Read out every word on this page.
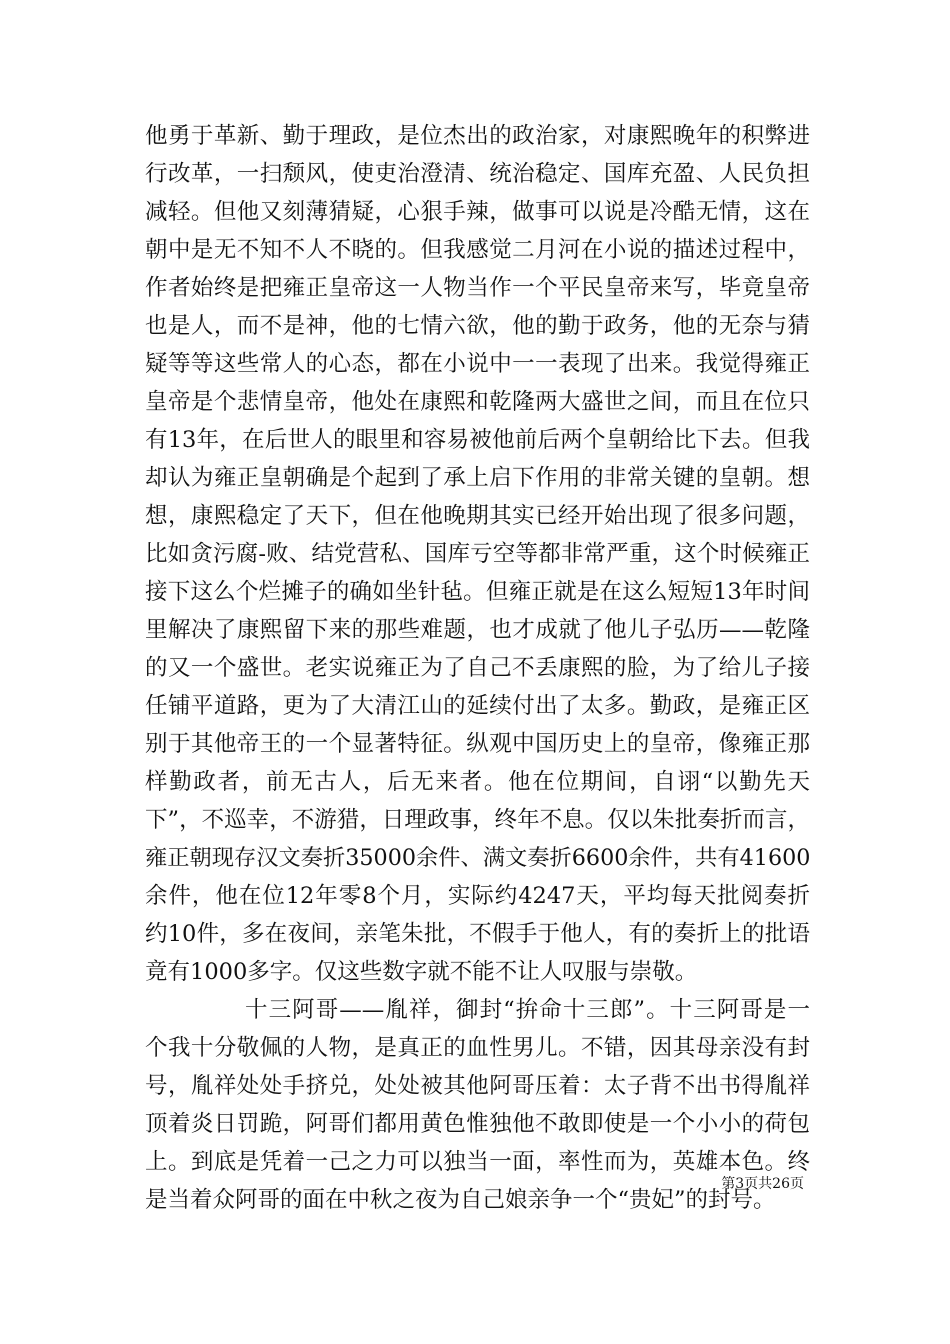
他勇于革新、勤于理政，是位杰出的政治家，对康熙晚年的积弊进
行改革，一扫颓风，使吏治澄清、统治稳定、国库充盈、人民负担
减轻。但他又刻薄猜疑，心狠手辣，做事可以说是冷酷无情，这在
朝中是无不知不人不晓的。但我感觉二月河在小说的描述过程中，
作者始终是把雍正皇帝这一人物当作一个平民皇帝来写，毕竟皇帝
也是人，而不是神，他的七情六欲，他的勤于政务，他的无奈与猜
疑等等这些常人的心态，都在小说中一一表现了出来。我觉得雍正
皇帝是个悲情皇帝，他处在康熙和乾隆两大盛世之间，而且在位只
有13年，在后世人的眼里和容易被他前后两个皇朝给比下去。但我
却认为雍正皇朝确是个起到了承上启下作用的非常关键的皇朝。想
想，康熙稳定了天下，但在他晚期其实已经开始出现了很多问题，
比如贪污腐-败、结党营私、国库亏空等都非常严重，这个时候雍正
接下这么个烂摊子的确如坐针毡。但雍正就是在这么短短13年时间
里解决了康熙留下来的那些难题，也才成就了他儿子弘历——乾隆
的又一个盛世。老实说雍正为了自己不丢康熙的脸，为了给儿子接
任铺平道路，更为了大清江山的延续付出了太多。勤政，是雍正区
别于其他帝王的一个显著特征。纵观中国历史上的皇帝，像雍正那
样勤政者，前无古人，后无来者。他在位期间，自诩“以勤先天
下”，不巡幸，不游猎，日理政事，终年不息。仅以朱批奏折而言，
雍正朝现存汉文奏折35000余件、满文奏折6600余件，共有41600
余件，他在位12年零8个月，实际约4247天，平均每天批阅奏折
约10件，多在夜间，亲笔朱批，不假手于他人，有的奏折上的批语
竟有1000多字。仅这些数字就不能不让人叹服与崇敬。
十三阿哥——胤祥，御封“拚命十三郎”。十三阿哥是一
个我十分敬佩的人物，是真正的血性男儿。不错，因其母亲没有封
号，胤祥处处手挤兑，处处被其他阿哥压着：太子背不出书得胤祥
顶着炎日罚跪，阿哥们都用黄色惟独他不敢即使是一个小小的荷包
上。到底是凭着一己之力可以独当一面，率性而为，英雄本色。终
是当着众阿哥的面在中秋之夜为自己娘亲争一个“贵妃”的封号。
第3页共26页
